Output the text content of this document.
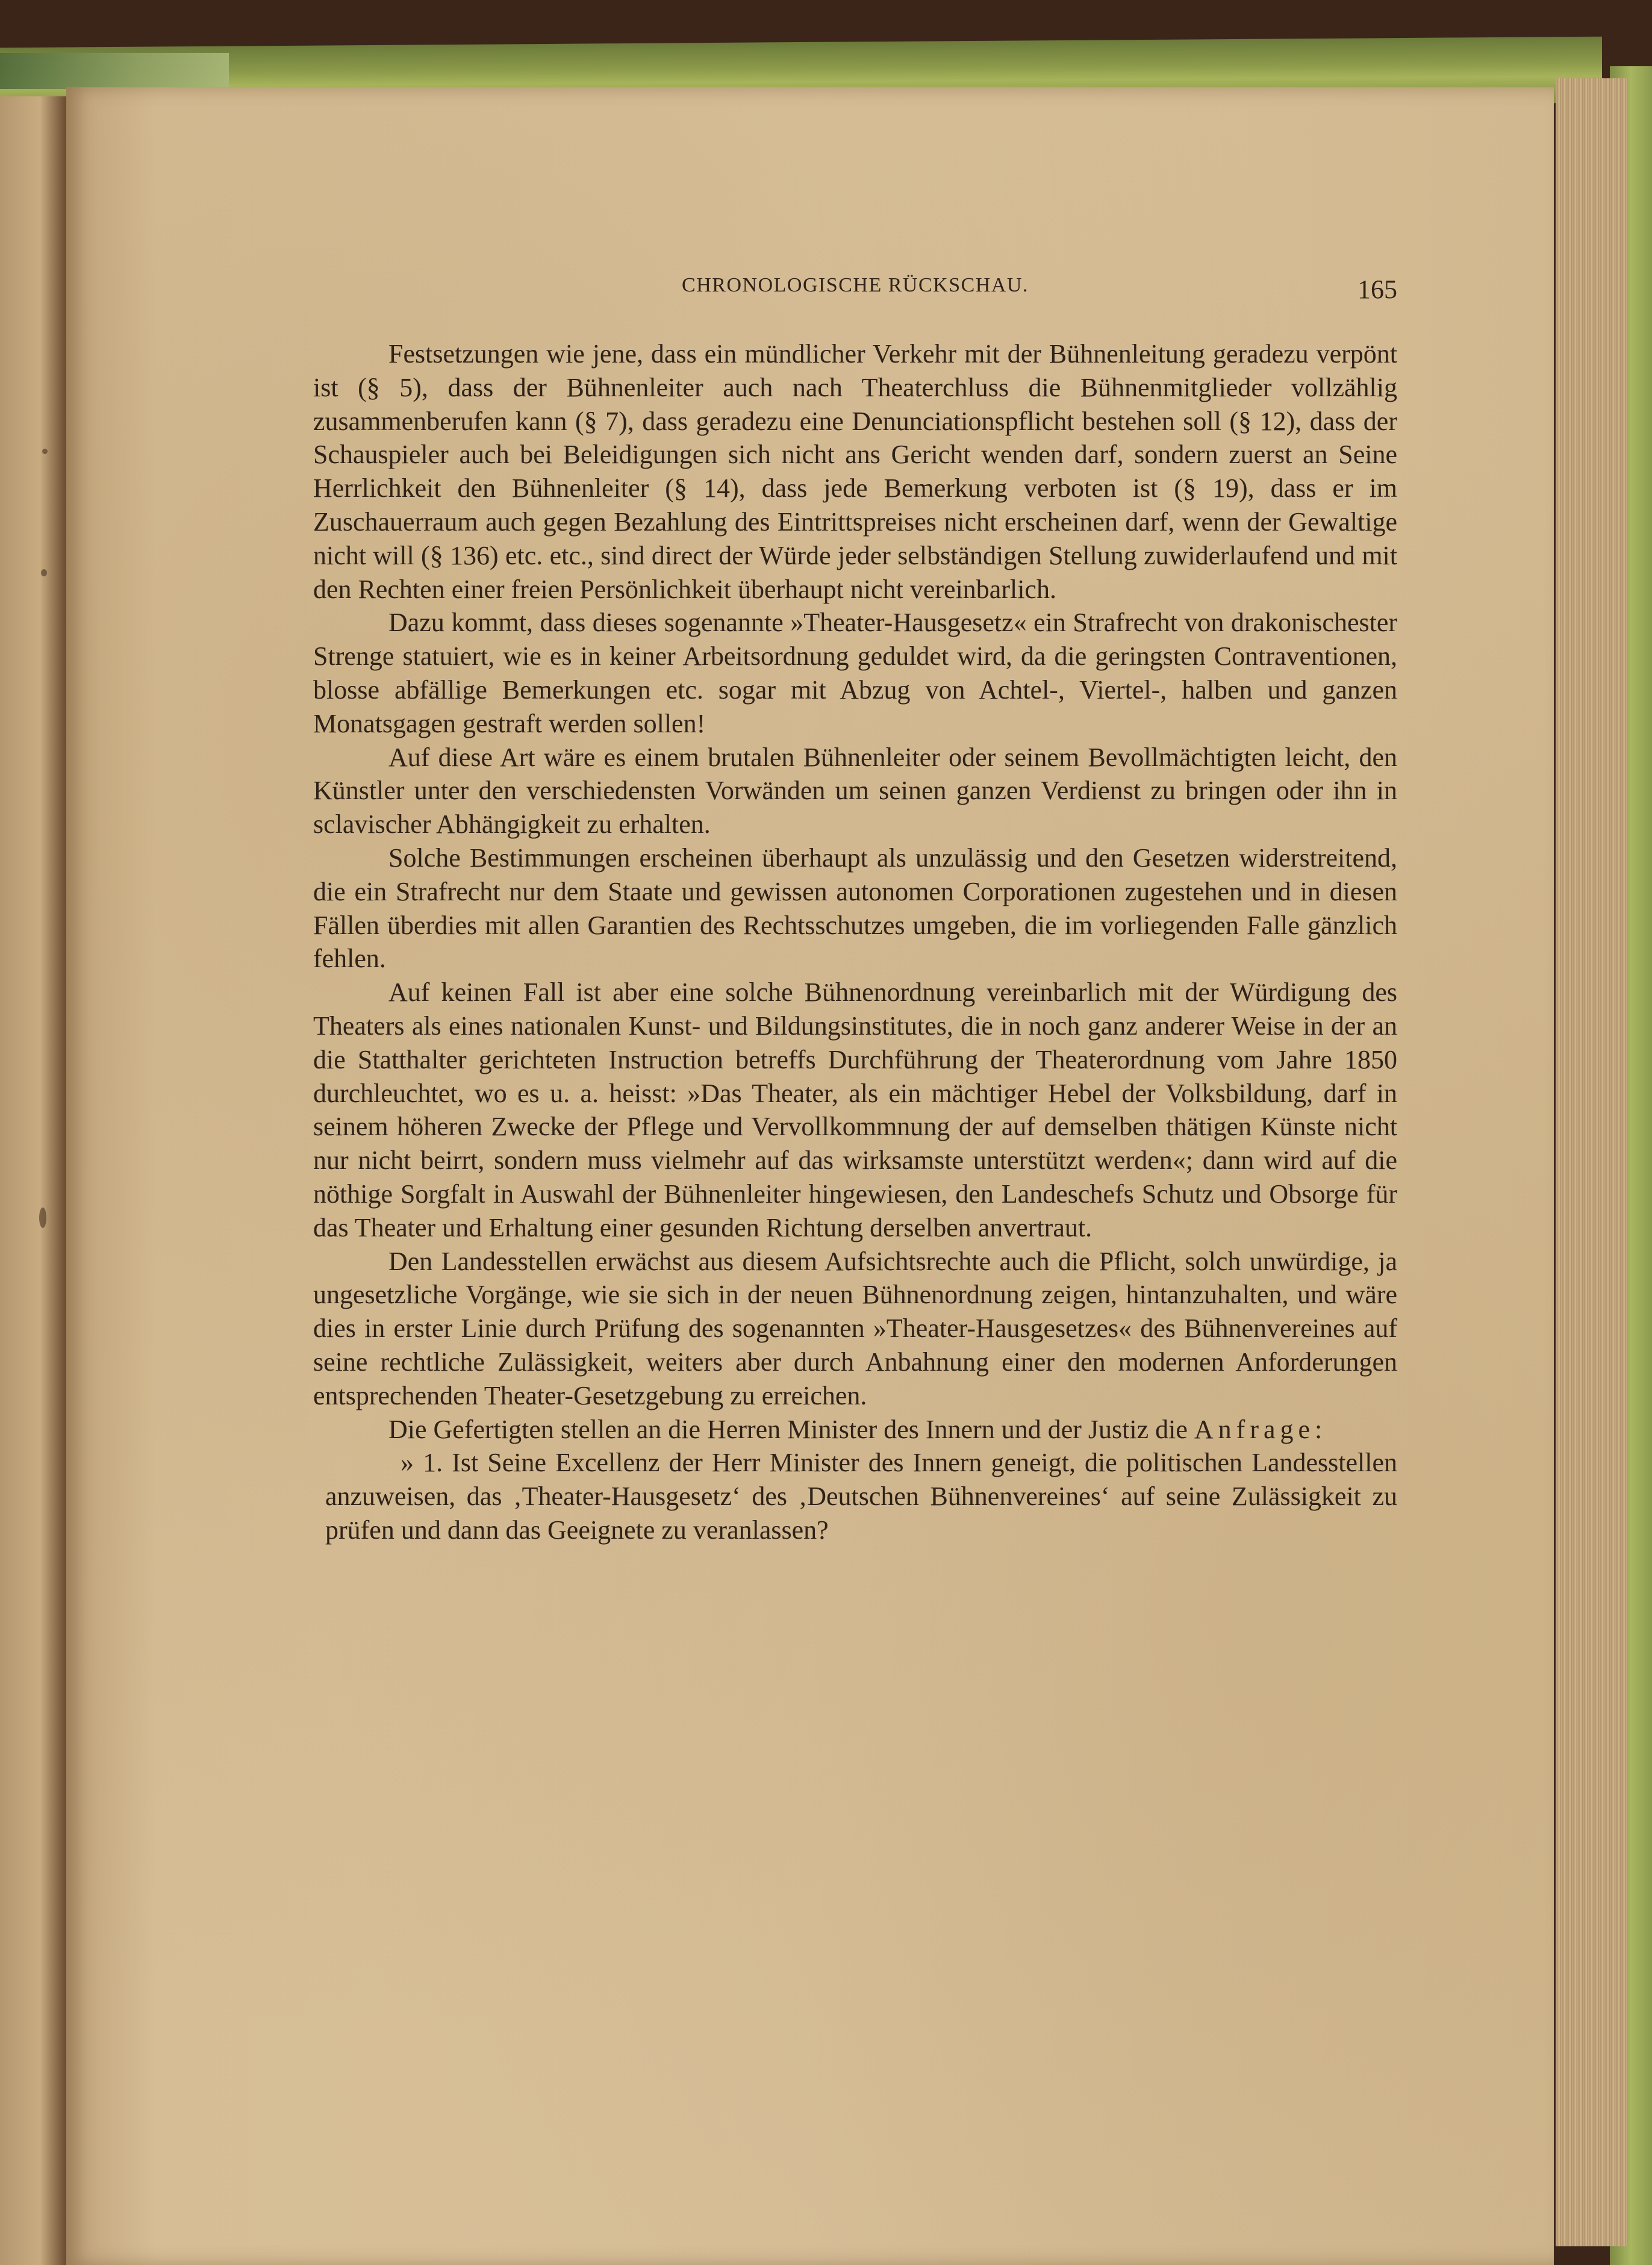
CHRONOLOGISCHE RÜCKSCHAU.	165

Festsetzungen wie jene, dass ein mündlicher Verkehr mit der Bühnenleitung geradezu verpönt ist (§ 5), dass der Bühnenleiter auch nach Theaterchluss die Bühnenmitglieder vollzählig zusammenberufen kann (§ 7), dass geradezu eine Denunciationspflicht bestehen soll (§ 12), dass der Schauspieler auch bei Beleidigungen sich nicht ans Gericht wenden darf, sondern zuerst an Seine Herrlichkeit den Bühnenleiter (§ 14), dass jede Bemerkung verboten ist (§ 19), dass er im Zuschauerraum auch gegen Bezahlung des Eintrittspreises nicht erscheinen darf, wenn der Gewaltige nicht will (§ 136) etc. etc., sind direct der Würde jeder selbständigen Stellung zuwiderlaufend und mit den Rechten einer freien Persönlichkeit überhaupt nicht vereinbarlich.

Dazu kommt, dass dieses sogenannte »Theater-Hausgesetz« ein Strafrecht von drakonischester Strenge statuiert, wie es in keiner Arbeitsordnung geduldet wird, da die geringsten Contraventionen, blosse abfällige Bemerkungen etc. sogar mit Abzug von Achtel-, Viertel-, halben und ganzen Monatsgagen gestraft werden sollen!

Auf diese Art wäre es einem brutalen Bühnenleiter oder seinem Bevollmächtigten leicht, den Künstler unter den verschiedensten Vorwänden um seinen ganzen Verdienst zu bringen oder ihn in sclavischer Abhängigkeit zu erhalten.

Solche Bestimmungen erscheinen überhaupt als unzulässig und den Gesetzen widerstreitend, die ein Strafrecht nur dem Staate und gewissen autonomen Corporationen zugestehen und in diesen Fällen überdies mit allen Garantien des Rechtsschutzes umgeben, die im vorliegenden Falle gänzlich fehlen.

Auf keinen Fall ist aber eine solche Bühnenordnung vereinbarlich mit der Würdigung des Theaters als eines nationalen Kunst- und Bildungsinstitutes, die in noch ganz anderer Weise in der an die Statthalter gerichteten Instruction betreffs Durchführung der Theaterordnung vom Jahre 1850 durchleuchtet, wo es u. a. heisst: »Das Theater, als ein mächtiger Hebel der Volksbildung, darf in seinem höheren Zwecke der Pflege und Vervollkommnung der auf demselben thätigen Künste nicht nur nicht beirrt, sondern muss vielmehr auf das wirksamste unterstützt werden«; dann wird auf die nöthige Sorgfalt in Auswahl der Bühnenleiter hingewiesen, den Landeschefs Schutz und Obsorge für das Theater und Erhaltung einer gesunden Richtung derselben anvertraut.

Den Landesstellen erwächst aus diesem Aufsichtsrechte auch die Pflicht, solch unwürdige, ja ungesetzliche Vorgänge, wie sie sich in der neuen Bühnenordnung zeigen, hintanzuhalten, und wäre dies in erster Linie durch Prüfung des sogenannten »Theater-Hausgesetzes« des Bühnenvereines auf seine rechtliche Zulässigkeit, weiters aber durch Anbahnung einer den modernen Anforderungen entsprechenden Theater-Gesetzgebung zu erreichen.

Die Gefertigten stellen an die Herren Minister des Innern und der Justiz die Anfrage:

» 1. Ist Seine Excellenz der Herr Minister des Innern geneigt, die politischen Landesstellen anzuweisen, das ‚Theater-Hausgesetz‘ des ‚Deutschen Bühnenvereines‘ auf seine Zulässigkeit zu prüfen und dann das Geeignete zu veranlassen?
